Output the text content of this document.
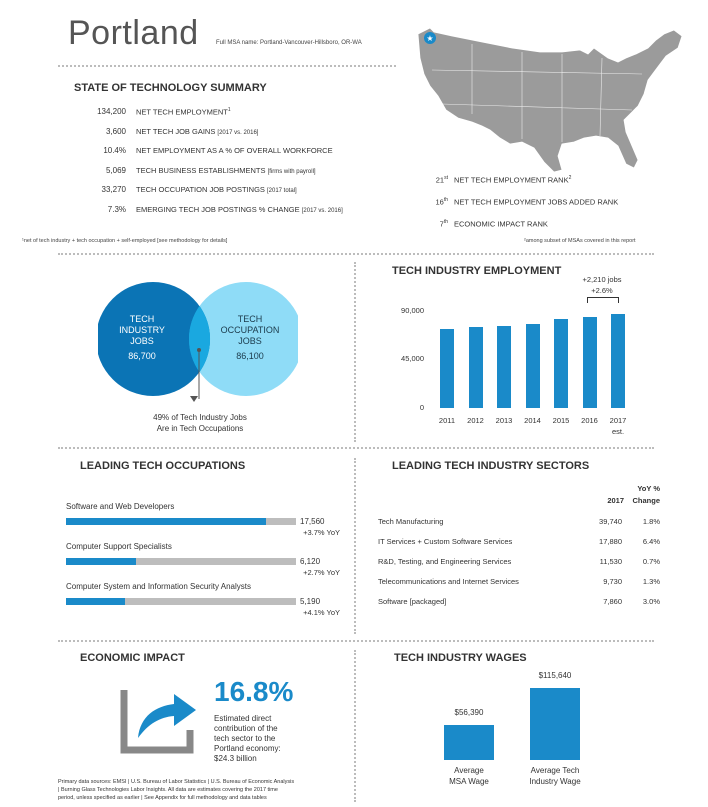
Portland	Full MSA name: Portland-Vancouver-Hillsboro, OR-WA	★
STATE OF TECHNOLOGY SUMMARY
134,200 NET TECH EMPLOYMENT$^1$
3,600 NET TECH JOB GAINS [2017 vs. 2016]
10.4% NET EMPLOYMENT AS A % OF OVERALL WORKFORCE
5,069 TECH BUSINESS ESTABLISHMENTS [firms with payroll]
33,270 TECH OCCUPATION JOB POSTINGS [2017 total]
7.3% EMERGING TECH JOB POSTINGS % CHANGE [2017 vs. 2016]
21st NET TECH EMPLOYMENT RANK$^2$
16th NET TECH EMPLOYMENT JOBS ADDED RANK
7th ECONOMIC IMPACT RANK
¹net of tech industry + tech occupation + self-employed [see methodology for details]	²among subset of MSAs covered in this report
TECH
INDUSTRY
JOBS
86,700
TECH
OCCUPATION
JOBS
86,100
49% of Tech Industry Jobs
Are in Tech Occupations
TECH INDUSTRY EMPLOYMENT
+2,210 jobs
+2.6%
0
45,000
90,000
2011	2012	2013	2014	2015	2016	2017
est.
LEADING TECH OCCUPATIONS
Software and Web Developers
17,560
+3.7% YoY
Computer Support Specialists
6,120
+2.7% YoY
Computer System and Information Security Analysts
5,190
+4.1% YoY
LEADING TECH INDUSTRY SECTORS
YoY %
2017	Change
Tech Manufacturing	39,740	1.8%
IT Services + Custom Software Services	17,880	6.4%
R&D, Testing, and Engineering Services	11,530	0.7%
Telecommunications and Internet Services	9,730	1.3%
Software [packaged]	7,860	3.0%
ECONOMIC IMPACT
16.8%
Estimated direct
contribution of the
tech sector to the
Portland economy:
$24.3 billion
Primary data sources: EMSI | U.S. Bureau of Labor Statistics | U.S. Bureau of Economic Analysis
| Burning Glass Technologies Labor Insights. All data are estimates covering the 2017 time
period, unless specified as earlier | See Appendix for full methodology and data tables
TECH INDUSTRY WAGES
$56,390
Average
MSA Wage
$115,640
Average Tech
Industry Wage
